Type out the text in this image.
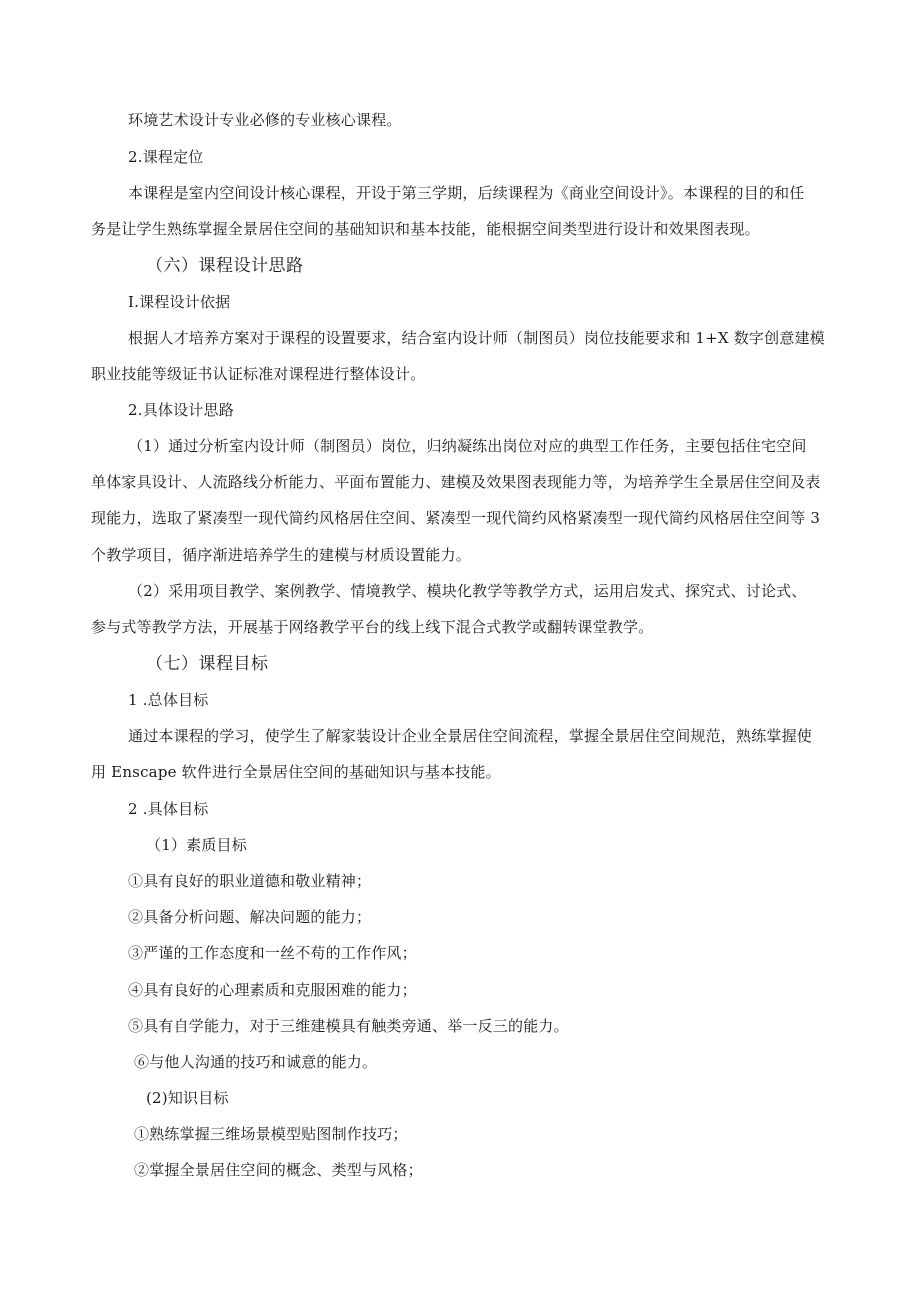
环境艺术设计专业必修的专业核心课程。

2.课程定位

本课程是室内空间设计核心课程，开设于第三学期，后续课程为《商业空间设计》。本课程的目的和任

务是让学生熟练掌握全景居住空间的基础知识和基本技能，能根据空间类型进行设计和效果图表现。

（六）课程设计思路

I.课程设计依据

根据人才培养方案对于课程的设置要求，结合室内设计师（制图员）岗位技能要求和 1+X 数字创意建模

职业技能等级证书认证标准对课程进行整体设计。

2.具体设计思路

（1）通过分析室内设计师（制图员）岗位，归纳凝练出岗位对应的典型工作任务，主要包括住宅空间

单体家具设计、人流路线分析能力、平面布置能力、建模及效果图表现能力等，为培养学生全景居住空间及表

现能力，选取了紧凑型一现代简约风格居住空间、紧凑型一现代简约风格紧凑型一现代简约风格居住空间等 3

个教学项目，循序渐进培养学生的建模与材质设置能力。

（2）采用项目教学、案例教学、情境教学、模块化教学等教学方式，运用启发式、探究式、讨论式、

参与式等教学方法，开展基于网络教学平台的线上线下混合式教学或翻转课堂教学。

（七）课程目标

1 .总体目标

通过本课程的学习，使学生了解家装设计企业全景居住空间流程，掌握全景居住空间规范，熟练掌握使

用 Enscape 软件进行全景居住空间的基础知识与基本技能。

2 .具体目标

（1）素质目标

①具有良好的职业道德和敬业精神；

②具备分析问题、解决问题的能力；

③严谨的工作态度和一丝不苟的工作作风；

④具有良好的心理素质和克服困难的能力；

⑤具有自学能力，对于三维建模具有触类旁通、举一反三的能力。

⑥与他人沟通的技巧和诚意的能力。

(2)知识目标

①熟练掌握三维场景模型贴图制作技巧；

②掌握全景居住空间的概念、类型与风格；
